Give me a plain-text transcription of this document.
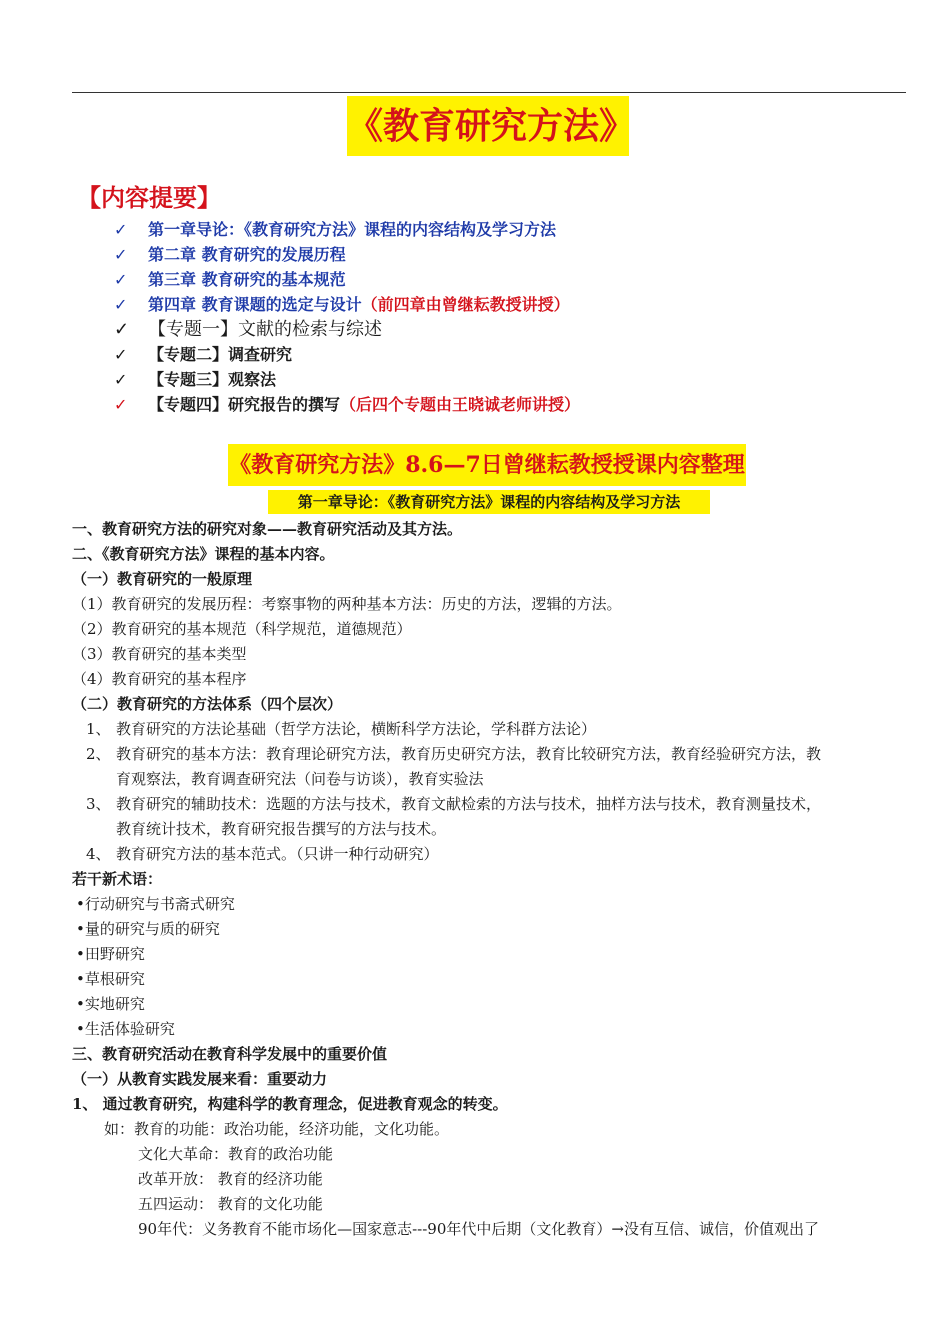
《教育研究方法》
【内容提要】
✓ 第一章导论：《教育研究方法》课程的内容结构及学习方法
✓ 第二章 教育研究的发展历程
✓ 第三章 教育研究的基本规范
✓ 第四章 教育课题的选定与设计（前四章由曾继耘教授讲授）
✓ 【专题一】文献的检索与综述
✓ 【专题二】调查研究
✓ 【专题三】观察法
✓ 【专题四】研究报告的撰写（后四个专题由王晓诚老师讲授）
《教育研究方法》8.6—7日曾继耘教授授课内容整理
第一章导论：《教育研究方法》课程的内容结构及学习方法
一、教育研究方法的研究对象——教育研究活动及其方法。
二、《教育研究方法》课程的基本内容。
（一）教育研究的一般原理
（1）教育研究的发展历程：考察事物的两种基本方法：历史的方法，逻辑的方法。
（2）教育研究的基本规范（科学规范，道德规范）
（3）教育研究的基本类型
（4）教育研究的基本程序
（二）教育研究的方法体系（四个层次）
1、 教育研究的方法论基础（哲学方法论，横断科学方法论，学科群方法论）
2、 教育研究的基本方法：教育理论研究方法，教育历史研究方法，教育比较研究方法，教育经验研究方法，教
育观察法，教育调查研究法（问卷与访谈），教育实验法
3、 教育研究的辅助技术：选题的方法与技术，教育文献检索的方法与技术，抽样方法与技术，教育测量技术，
教育统计技术，教育研究报告撰写的方法与技术。
4、 教育研究方法的基本范式。（只讲一种行动研究）
若干新术语：
•行动研究与书斋式研究
•量的研究与质的研究
•田野研究
•草根研究
•实地研究
•生活体验研究
三、教育研究活动在教育科学发展中的重要价值
（一）从教育实践发展来看：重要动力
1、 通过教育研究，构建科学的教育理念，促进教育观念的转变。
如：教育的功能：政治功能，经济功能，文化功能。
文化大革命：教育的政治功能
改革开放： 教育的经济功能
五四运动： 教育的文化功能
90年代：义务教育不能市场化—国家意志---90年代中后期（文化教育）→没有互信、诚信，价值观出了
